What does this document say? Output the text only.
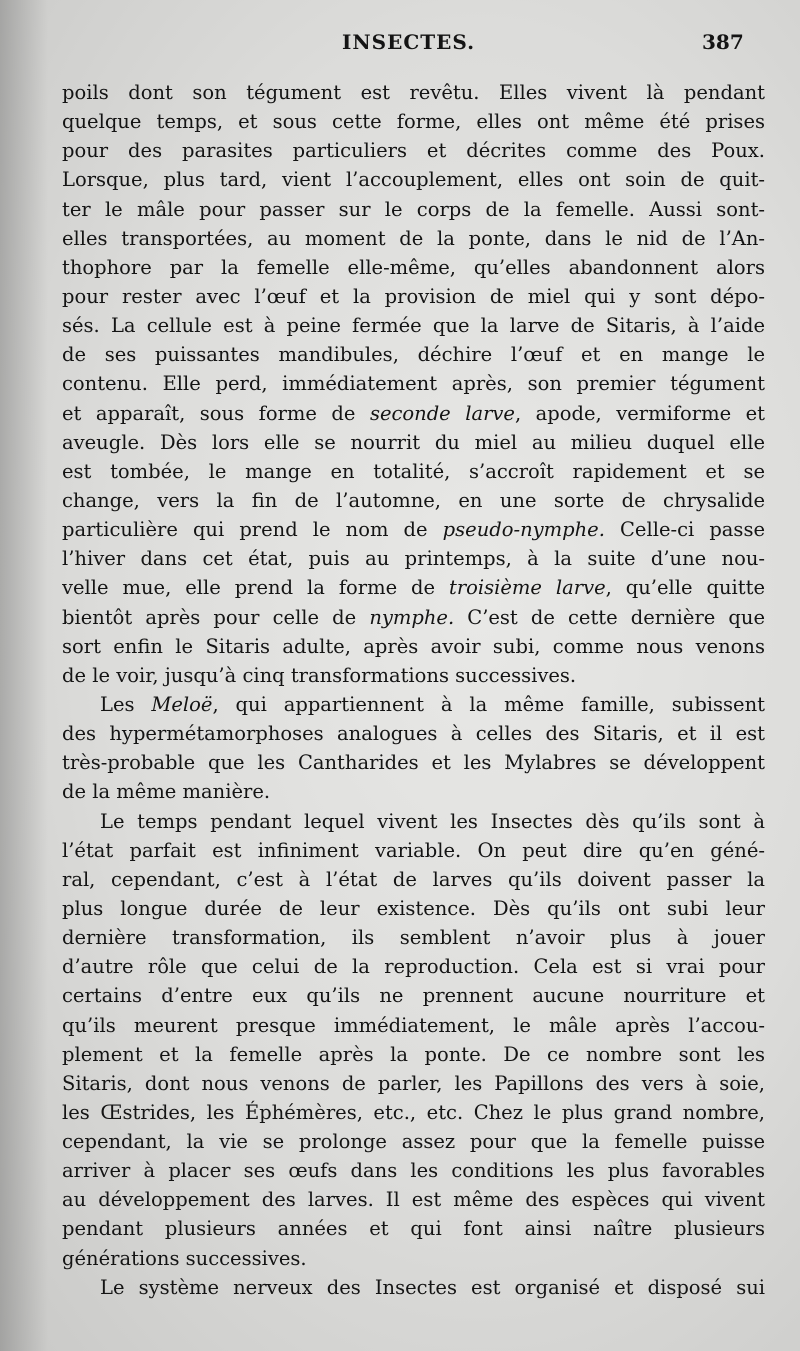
INSECTES.	387
poils dont son tégument est revêtu. Elles vivent là pendant
quelque temps, et sous cette forme, elles ont même été prises
pour des parasites particuliers et décrites comme des Poux.
Lorsque, plus tard, vient l’accouplement, elles ont soin de quit-
ter le mâle pour passer sur le corps de la femelle. Aussi sont-
elles transportées, au moment de la ponte, dans le nid de l’An-
thophore par la femelle elle-même, qu’elles abandonnent alors
pour rester avec l’œuf et la provision de miel qui y sont dépo-
sés. La cellule est à peine fermée que la larve de Sitaris, à l’aide
de ses puissantes mandibules, déchire l’œuf et en mange le
contenu. Elle perd, immédiatement après, son premier tégument
et apparaît, sous forme de seconde larve, apode, vermiforme et
aveugle. Dès lors elle se nourrit du miel au milieu duquel elle
est tombée, le mange en totalité, s’accroît rapidement et se
change, vers la fin de l’automne, en une sorte de chrysalide
particulière qui prend le nom de pseudo-nymphe. Celle-ci passe
l’hiver dans cet état, puis au printemps, à la suite d’une nou-
velle mue, elle prend la forme de troisième larve, qu’elle quitte
bientôt après pour celle de nymphe. C’est de cette dernière que
sort enfin le Sitaris adulte, après avoir subi, comme nous venons
de le voir, jusqu’à cinq transformations successives.
Les Meloë, qui appartiennent à la même famille, subissent
des hypermétamorphoses analogues à celles des Sitaris, et il est
très-probable que les Cantharides et les Mylabres se développent
de la même manière.
Le temps pendant lequel vivent les Insectes dès qu’ils sont à
l’état parfait est infiniment variable. On peut dire qu’en géné-
ral, cependant, c’est à l’état de larves qu’ils doivent passer la
plus longue durée de leur existence. Dès qu’ils ont subi leur
dernière transformation, ils semblent n’avoir plus à jouer
d’autre rôle que celui de la reproduction. Cela est si vrai pour
certains d’entre eux qu’ils ne prennent aucune nourriture et
qu’ils meurent presque immédiatement, le mâle après l’accou-
plement et la femelle après la ponte. De ce nombre sont les
Sitaris, dont nous venons de parler, les Papillons des vers à soie,
les Œstrides, les Éphémères, etc., etc. Chez le plus grand nombre,
cependant, la vie se prolonge assez pour que la femelle puisse
arriver à placer ses œufs dans les conditions les plus favorables
au développement des larves. Il est même des espèces qui vivent
pendant plusieurs années et qui font ainsi naître plusieurs
générations successives.
Le système nerveux des Insectes est organisé et disposé sui
